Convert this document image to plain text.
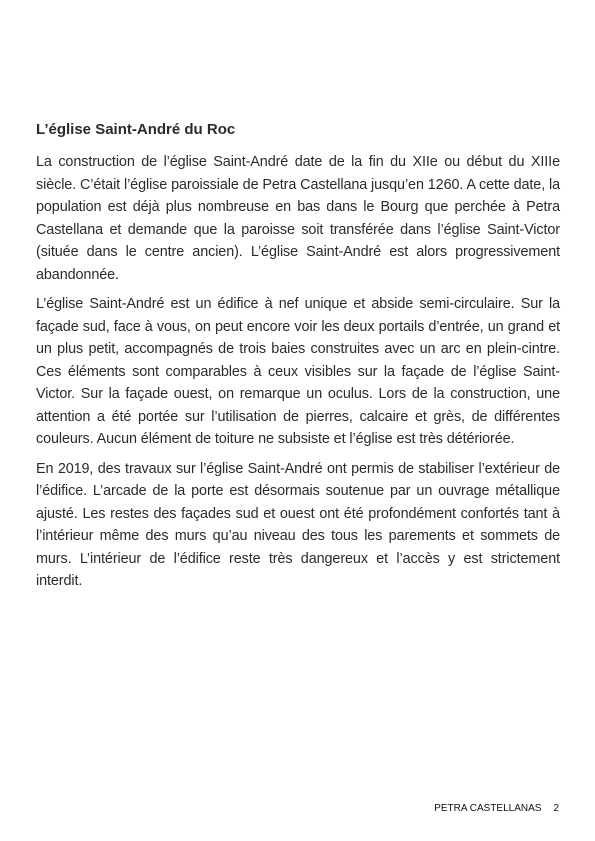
L’église Saint-André du Roc

La construction de l’église Saint-André date de la fin du XIIe ou début du XIIIe siècle. C’était l’église paroissiale de Petra Castellana jusqu’en 1260. A cette date, la population est déjà plus nombreuse en bas dans le Bourg que perchée à Petra Castellana et demande que la paroisse soit transférée dans l’église Saint-Victor (située dans le centre ancien). L’église Saint-André est alors progressivement abandonnée.

L’église Saint-André est un édifice à nef unique et abside semi-circulaire. Sur la façade sud, face à vous, on peut encore voir les deux portails d’entrée, un grand et un plus petit, accompagnés de trois baies construites avec un arc en plein-cintre. Ces éléments sont comparables à ceux visibles sur la façade de l’église Saint-Victor. Sur la façade ouest, on remarque un oculus. Lors de la construction, une attention a été portée sur l’utilisation de pierres, calcaire et grès, de différentes couleurs. Aucun élément de toiture ne subsiste et l’église est très détériorée.

En 2019, des travaux sur l’église Saint-André ont permis de stabiliser l’extérieur de l’édifice. L’arcade de la porte est désormais soutenue par un ouvrage métallique ajusté. Les restes des façades sud et ouest ont été profondément confortés tant à l’intérieur même des murs qu’au niveau des tous les parements et sommets de murs. L’intérieur de l’édifice reste très dangereux et l’accès y est strictement interdit.

PETRA CASTELLANAS 2
